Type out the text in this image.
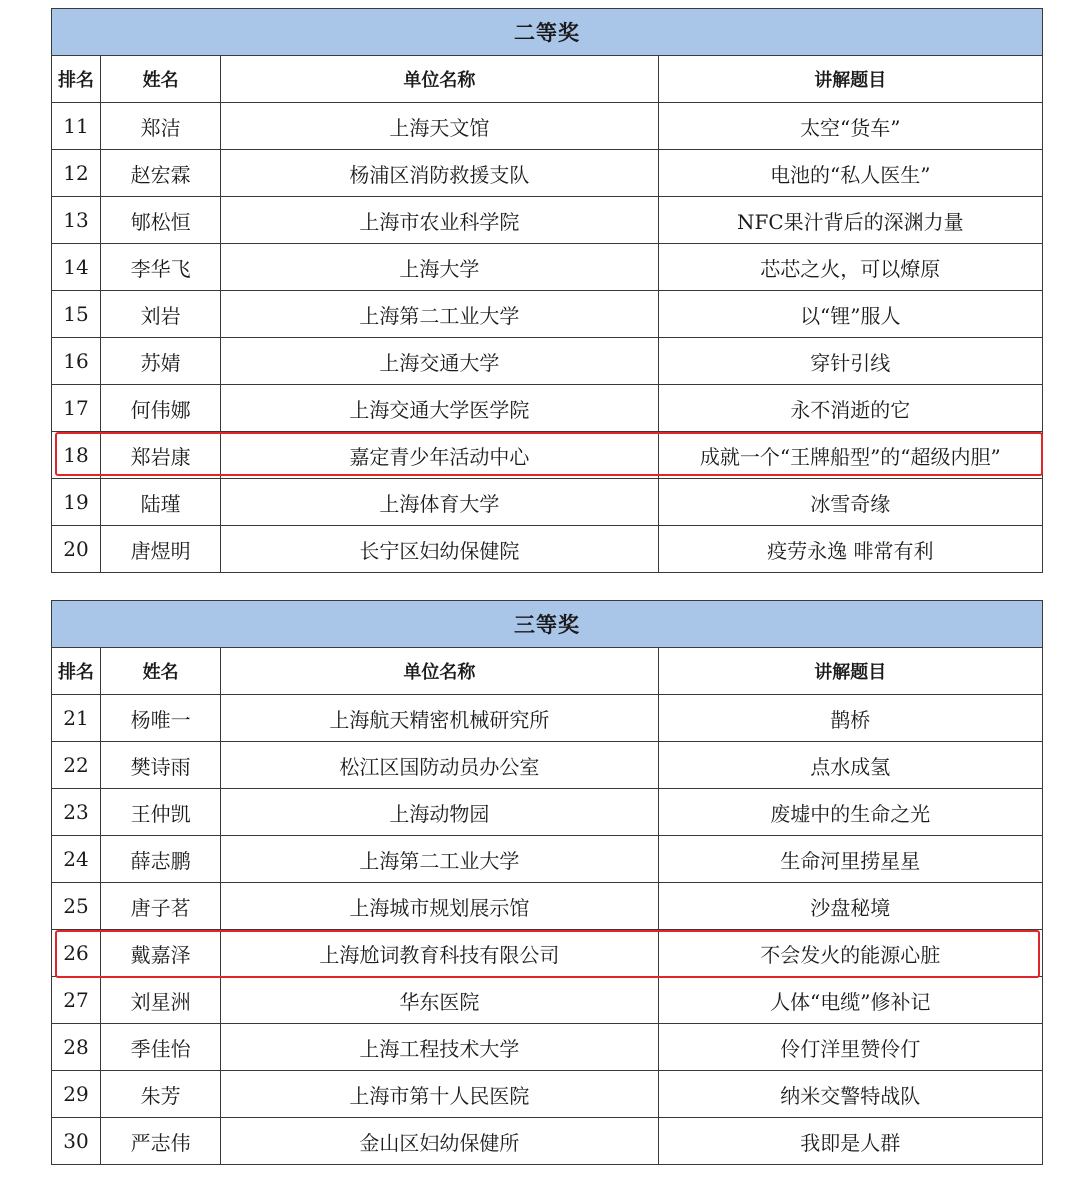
二等奖			
排名	姓名	单位名称	讲解题目
11	郑洁	上海天文馆	太空“货车”
12	赵宏霖	杨浦区消防救援支队	电池的“私人医生”
13	郇松恒	上海市农业科学院	NFC果汁背后的深渊力量
14	李华飞	上海大学	芯芯之火，可以燎原
15	刘岩	上海第二工业大学	以“锂”服人
16	苏婧	上海交通大学	穿针引线
17	何伟娜	上海交通大学医学院	永不消逝的它
18	郑岩康	嘉定青少年活动中心	成就一个“王牌船型”的“超级内胆”
19	陆瑾	上海体育大学	冰雪奇缘
20	唐煜明	长宁区妇幼保健院	疫劳永逸 啡常有利
三等奖			
排名	姓名	单位名称	讲解题目
21	杨唯一	上海航天精密机械研究所	鹊桥
22	樊诗雨	松江区国防动员办公室	点水成氢
23	王仲凯	上海动物园	废墟中的生命之光
24	薛志鹏	上海第二工业大学	生命河里捞星星
25	唐子茗	上海城市规划展示馆	沙盘秘境
26	戴嘉泽	上海尬词教育科技有限公司	不会发火的能源心脏
27	刘星洲	华东医院	人体“电缆”修补记
28	季佳怡	上海工程技术大学	伶仃洋里赞伶仃
29	朱芳	上海市第十人民医院	纳米交警特战队
30	严志伟	金山区妇幼保健所	我即是人群
